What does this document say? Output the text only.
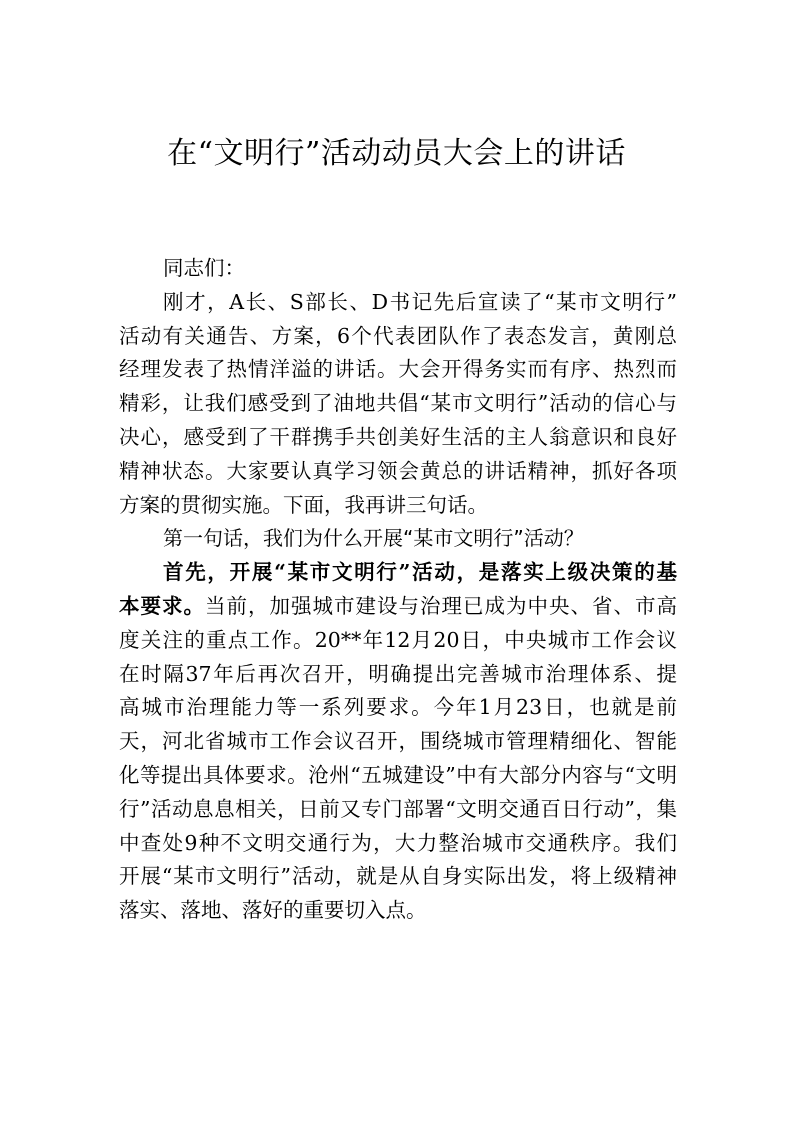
在“文明行”活动动员大会上的讲话
同志们：
刚才，A长、S部长、D书记先后宣读了“某市文明行”
活动有关通告、方案，6个代表团队作了表态发言，黄刚总
经理发表了热情洋溢的讲话。大会开得务实而有序、热烈而
精彩，让我们感受到了油地共倡“某市文明行”活动的信心与
决心，感受到了干群携手共创美好生活的主人翁意识和良好
精神状态。大家要认真学习领会黄总的讲话精神，抓好各项
方案的贯彻实施。下面，我再讲三句话。
第一句话，我们为什么开展“某市文明行”活动？
首先，开展“某市文明行”活动，是落实上级决策的基
本要求。当前，加强城市建设与治理已成为中央、省、市高
度关注的重点工作。20**年12月20日，中央城市工作会议
在时隔37年后再次召开，明确提出完善城市治理体系、提
高城市治理能力等一系列要求。今年1月23日，也就是前
天，河北省城市工作会议召开，围绕城市管理精细化、智能
化等提出具体要求。沧州“五城建设”中有大部分内容与“文明
行”活动息息相关，日前又专门部署“文明交通百日行动”，集
中查处9种不文明交通行为，大力整治城市交通秩序。我们
开展“某市文明行”活动，就是从自身实际出发，将上级精神
落实、落地、落好的重要切入点。
